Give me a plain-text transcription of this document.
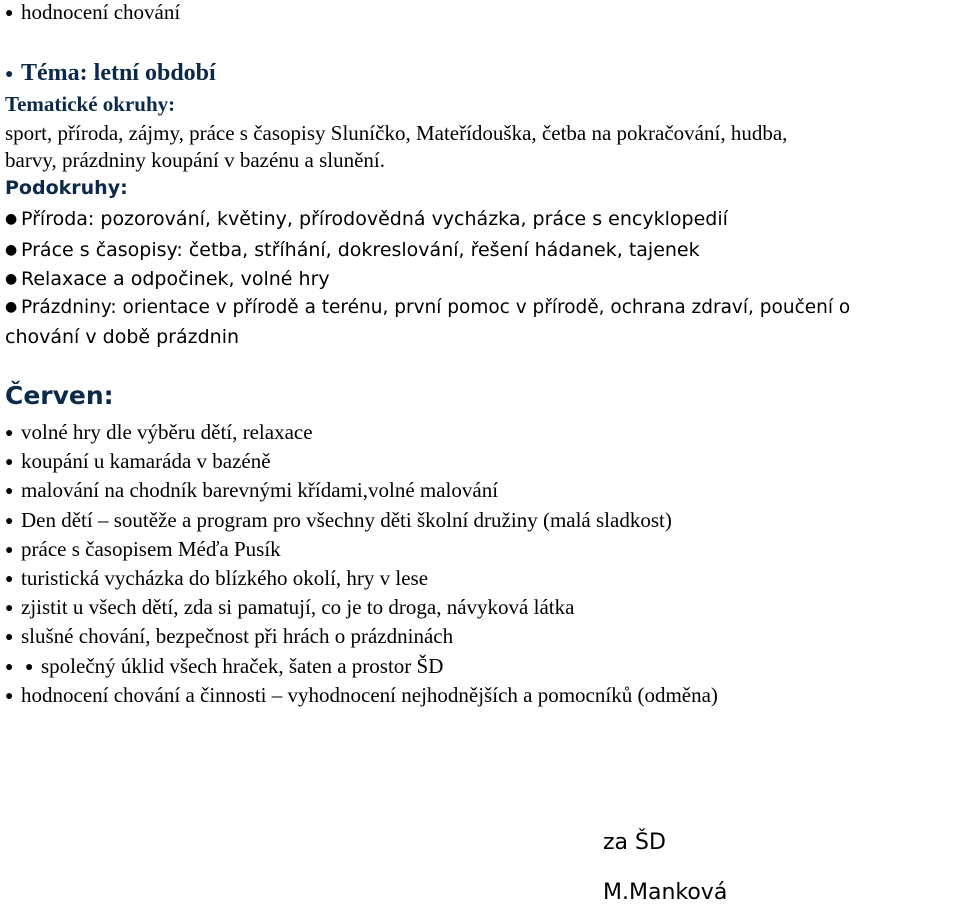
● hodnocení chování
● Téma: letní období
Tematické okruhy:
sport, příroda, zájmy, práce s časopisy Sluníčko, Mateřídouška, četba na pokračování, hudba,
barvy, prázdniny koupání v bazénu a slunění.
Podokruhy:
● Příroda: pozorování, květiny, přírodovědná vycházka, práce s encyklopedií
● Práce s časopisy: četba, stříhání, dokreslování, řešení hádanek, tajenek
● Relaxace a odpočinek, volné hry
● Prázdniny: orientace v přírodě a terénu, první pomoc v přírodě, ochrana zdraví, poučení o
chování v době prázdnin
Červen:
● volné hry dle výběru dětí, relaxace
● koupání u kamaráda v bazéně
● malování na chodník barevnými křídami,volné malování
● Den dětí – soutěže a program pro všechny děti školní družiny (malá sladkost)
● práce s časopisem Méďa Pusík
● turistická vycházka do blízkého okolí, hry v lese
● zjistit u všech dětí, zda si pamatují, co je to droga, návyková látka
● slušné chování, bezpečnost při hrách o prázdninách
● ● společný úklid všech hraček, šaten a prostor ŠD
● hodnocení chování a činnosti – vyhodnocení nejhodnějších a pomocníků (odměna)
za ŠD
M.Manková
